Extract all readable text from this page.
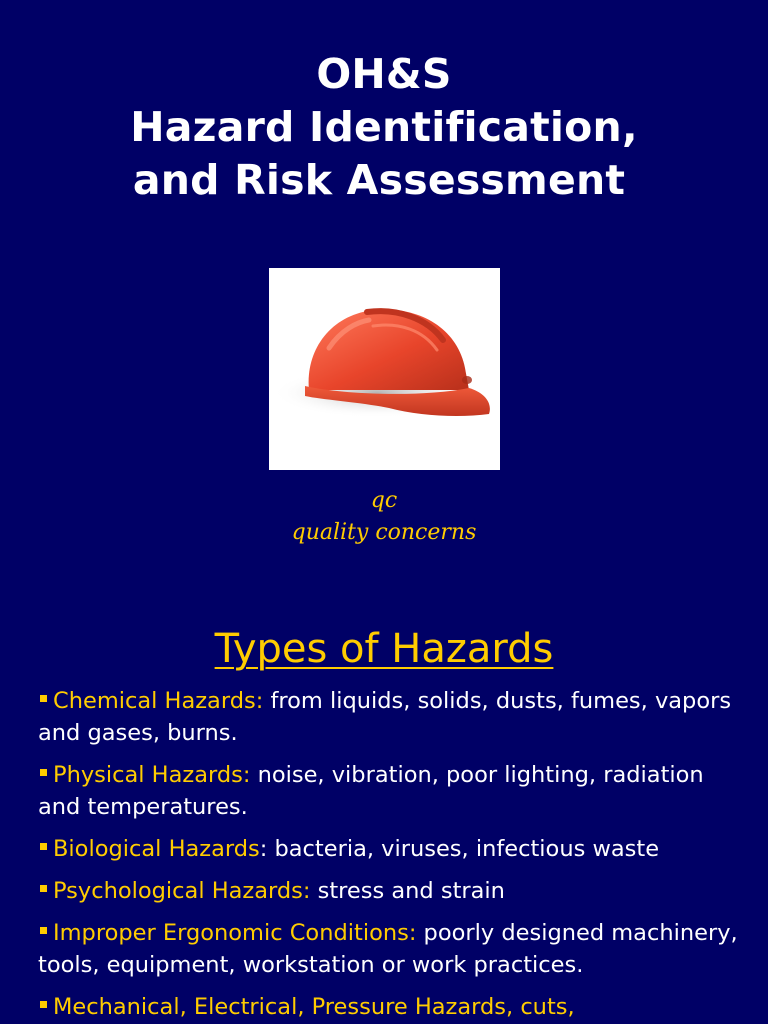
OH&S
Hazard Identification,
and Risk Assessment
qc
quality concerns
Types of Hazards
Chemical Hazards: from liquids, solids, dusts, fumes, vapors and gases, burns.
Physical Hazards: noise, vibration, poor lighting, radiation and temperatures.
Biological Hazards: bacteria, viruses, infectious waste
Psychological Hazards: stress and strain
Improper Ergonomic Conditions: poorly designed machinery, tools, equipment, workstation or work practices.
Mechanical, Electrical, Pressure Hazards, cuts,
